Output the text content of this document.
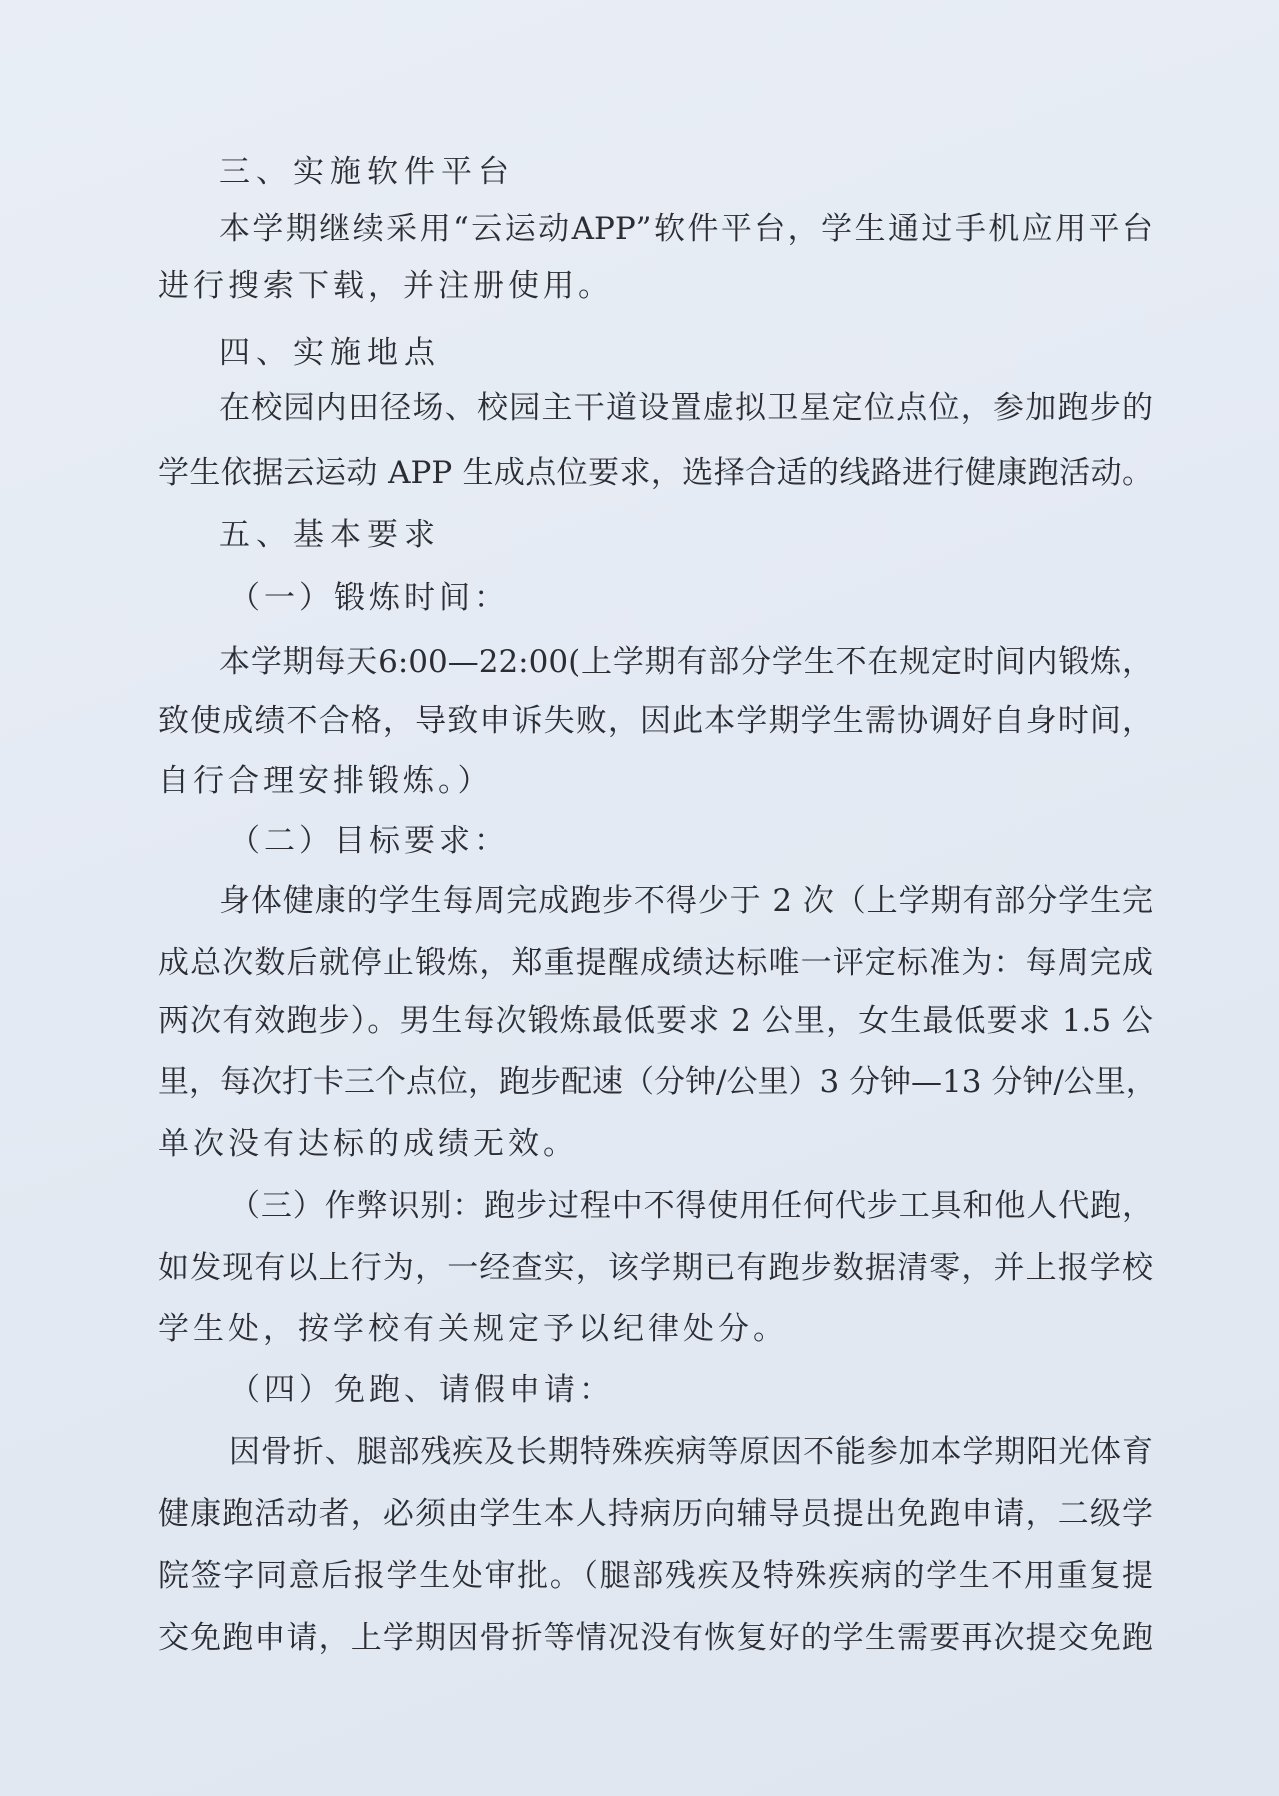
三、实施软件平台

本学期继续采用“云运动APP”软件平台，学生通过手机应用平台

进行搜索下载，并注册使用。

四、实施地点

在校园内田径场、校园主干道设置虚拟卫星定位点位，参加跑步的

学生依据云运动 APP 生成点位要求，选择合适的线路进行健康跑活动。

五、基本要求

（一）锻炼时间：

本学期每天6:00—22:00(上学期有部分学生不在规定时间内锻炼，

致使成绩不合格，导致申诉失败，因此本学期学生需协调好自身时间，

自行合理安排锻炼。）

（二）目标要求：

身体健康的学生每周完成跑步不得少于 2 次（上学期有部分学生完

成总次数后就停止锻炼，郑重提醒成绩达标唯一评定标准为：每周完成

两次有效跑步）。男生每次锻炼最低要求 2 公里，女生最低要求 1.5 公

里，每次打卡三个点位，跑步配速（分钟/公里）3 分钟—13 分钟/公里，

单次没有达标的成绩无效。

（三）作弊识别：跑步过程中不得使用任何代步工具和他人代跑，

如发现有以上行为，一经查实，该学期已有跑步数据清零，并上报学校

学生处，按学校有关规定予以纪律处分。

（四）免跑、请假申请：

因骨折、腿部残疾及长期特殊疾病等原因不能参加本学期阳光体育

健康跑活动者，必须由学生本人持病历向辅导员提出免跑申请，二级学

院签字同意后报学生处审批。（腿部残疾及特殊疾病的学生不用重复提

交免跑申请，上学期因骨折等情况没有恢复好的学生需要再次提交免跑
